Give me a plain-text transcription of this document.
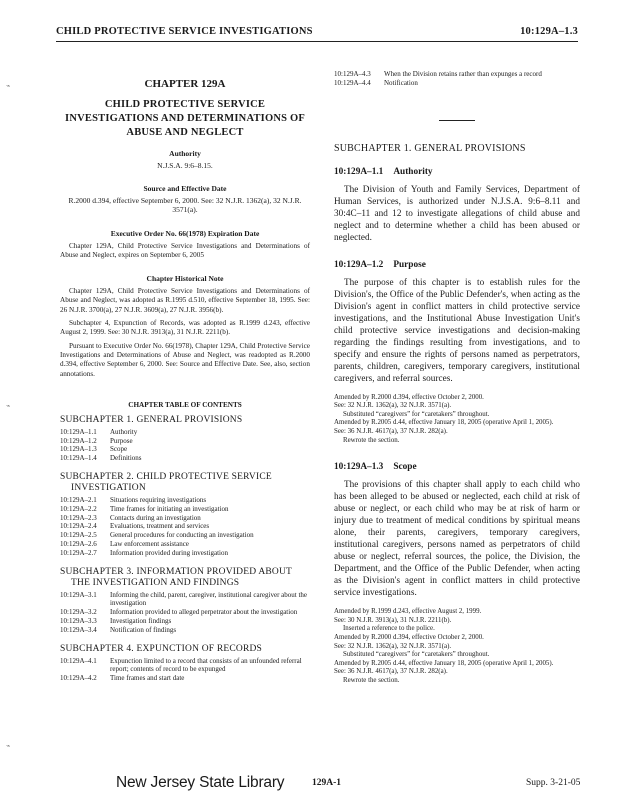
CHILD PROTECTIVE SERVICE INVESTIGATIONS	10:129A–1.3
⌁
⌁
⌁
CHAPTER 129A
CHILD PROTECTIVE SERVICE INVESTIGATIONS AND DETERMINATIONS OF ABUSE AND NEGLECT
Authority
N.J.S.A. 9:6–8.15.
Source and Effective Date
R.2000 d.394, effective September 6, 2000. See: 32 N.J.R. 1362(a), 32 N.J.R. 3571(a).
Executive Order No. 66(1978) Expiration Date
Chapter 129A, Child Protective Service Investigations and Determinations of Abuse and Neglect, expires on September 6, 2005
Chapter Historical Note
Chapter 129A, Child Protective Service Investigations and Determinations of Abuse and Neglect, was adopted as R.1995 d.510, effective September 18, 1995. See: 26 N.J.R. 3700(a), 27 N.J.R. 3609(a), 27 N.J.R. 3956(b).
Subchapter 4, Expunction of Records, was adopted as R.1999 d.243, effective August 2, 1999. See: 30 N.J.R. 3913(a), 31 N.J.R. 2211(b).
Pursuant to Executive Order No. 66(1978), Chapter 129A, Child Protective Service Investigations and Determinations of Abuse and Neglect, was readopted as R.2000 d.394, effective September 6, 2000. See: Source and Effective Date. See, also, section annotations.
CHAPTER TABLE OF CONTENTS
SUBCHAPTER 1. GENERAL PROVISIONS
10:129A–1.1	Authority
10:129A–1.2	Purpose
10:129A–1.3	Scope
10:129A–1.4	Definitions
SUBCHAPTER 2. CHILD PROTECTIVE SERVICE
INVESTIGATION
10:129A–2.1	Situations requiring investigations
10:129A–2.2	Time frames for initiating an investigation
10:129A–2.3	Contacts during an investigation
10:129A–2.4	Evaluations, treatment and services
10:129A–2.5	General procedures for conducting an investigation
10:129A–2.6	Law enforcement assistance
10:129A–2.7	Information provided during investigation
SUBCHAPTER 3. INFORMATION PROVIDED ABOUT
THE INVESTIGATION AND FINDINGS
10:129A–3.1	Informing the child, parent, caregiver, institutional caregiver about the investigation
10:129A–3.2	Information provided to alleged perpetrator about the investigation
10:129A–3.3	Investigation findings
10:129A–3.4	Notification of findings
SUBCHAPTER 4. EXPUNCTION OF RECORDS
10:129A–4.1	Expunction limited to a record that consists of an unfounded referral report; contents of record to be expunged
10:129A–4.2	Time frames and start date
10:129A–4.3	When the Division retains rather than expunges a record
10:129A–4.4	Notification
SUBCHAPTER 1. GENERAL PROVISIONS
10:129A–1.1 Authority
The Division of Youth and Family Services, Department of Human Services, is authorized under N.J.S.A. 9:6–8.11 and 30:4C–11 and 12 to investigate allegations of child abuse and neglect and to determine whether a child has been abused or neglected.
10:129A–1.2 Purpose
The purpose of this chapter is to establish rules for the Division's, the Office of the Public Defender's, when acting as the Division's agent in conflict matters in child protective service investigations, and the Institutional Abuse Investigation Unit's child protective service investigations and decision-making regarding the findings resulting from investigations, and to specify and ensure the rights of persons named as perpetrators, parents, children, caregivers, temporary caregivers, institutional caregivers, and referral sources.
Amended by R.2000 d.394, effective October 2, 2000.
See: 32 N.J.R. 1362(a), 32 N.J.R. 3571(a).
Substituted “caregivers” for “caretakers” throughout.
Amended by R.2005 d.44, effective January 18, 2005 (operative April 1, 2005).
See: 36 N.J.R. 4617(a), 37 N.J.R. 282(a).
Rewrote the section.
10:129A–1.3 Scope
The provisions of this chapter shall apply to each child who has been alleged to be abused or neglected, each child at risk of abuse or neglect, or each child who may be at risk of harm or injury due to treatment of medical conditions by spiritual means alone, their parents, caregivers, temporary caregivers, institutional caregivers, persons named as perpetrators of child abuse or neglect, referral sources, the police, the Division, the Department, and the Office of the Public Defender, when acting as the Division's agent in conflict matters in child protective service investigations.
Amended by R.1999 d.243, effective August 2, 1999.
See: 30 N.J.R. 3913(a), 31 N.J.R. 2211(b).
Inserted a reference to the police.
Amended by R.2000 d.394, effective October 2, 2000.
See: 32 N.J.R. 1362(a), 32 N.J.R. 3571(a).
Substituted “caregivers” for “caretakers” throughout.
Amended by R.2005 d.44, effective January 18, 2005 (operative April 1, 2005).
See: 36 N.J.R. 4617(a), 37 N.J.R. 282(a).
Rewrote the section.
New Jersey State Library	129A-1	Supp. 3-21-05
